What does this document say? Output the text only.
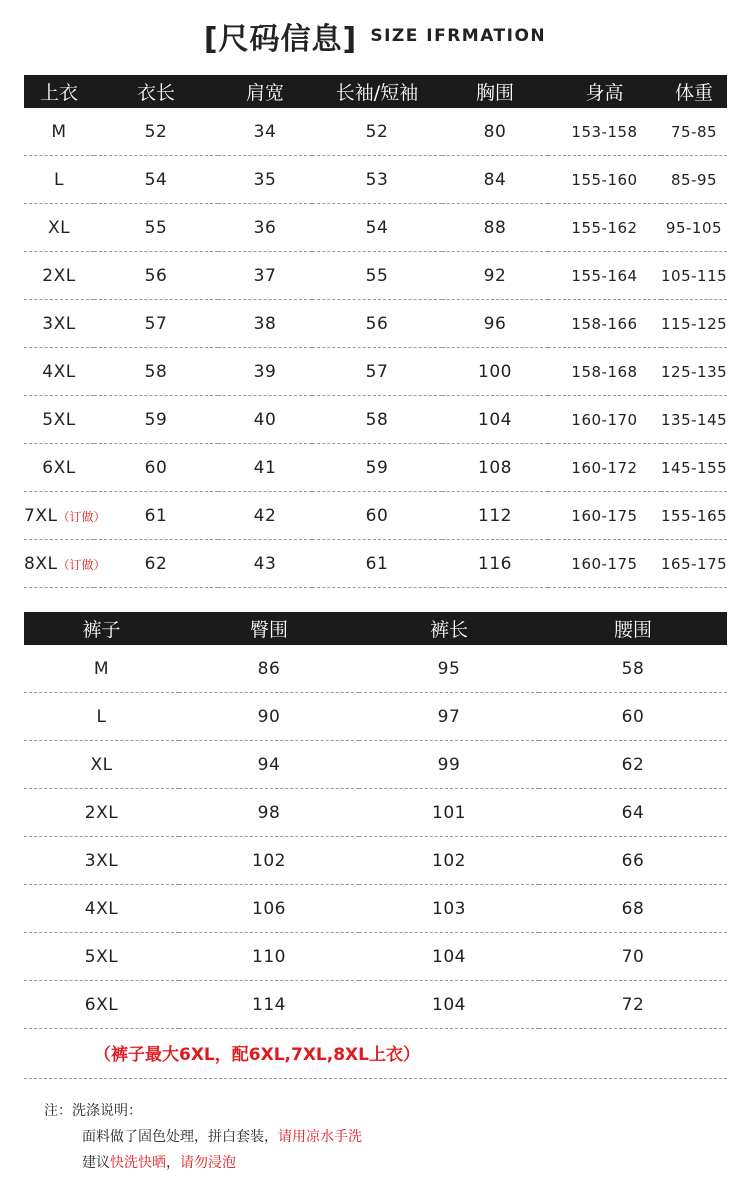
[尺码信息] SIZE IFRMATION
上衣	衣长	肩宽	长袖/短袖	胸围	身高	体重
M	52	34	52	80	153-158	75-85
L	54	35	53	84	155-160	85-95
XL	55	36	54	88	155-162	95-105
2XL	56	37	55	92	155-164	105-115
3XL	57	38	56	96	158-166	115-125
4XL	58	39	57	100	158-168	125-135
5XL	59	40	58	104	160-170	135-145
6XL	60	41	59	108	160-172	145-155
7XL（订做）	61	42	60	112	160-175	155-165
8XL（订做）	62	43	61	116	160-175	165-175
裤子	臀围	裤长	腰围
M	86	95	58
L	90	97	60
XL	94	99	62
2XL	98	101	64
3XL	102	102	66
4XL	106	103	68
5XL	110	104	70
6XL	114	104	72
（裤子最大6XL，配6XL,7XL,8XL上衣）
注：洗涤说明：
面料做了固色处理，拼白套装，请用凉水手洗
建议快洗快晒，请勿浸泡
